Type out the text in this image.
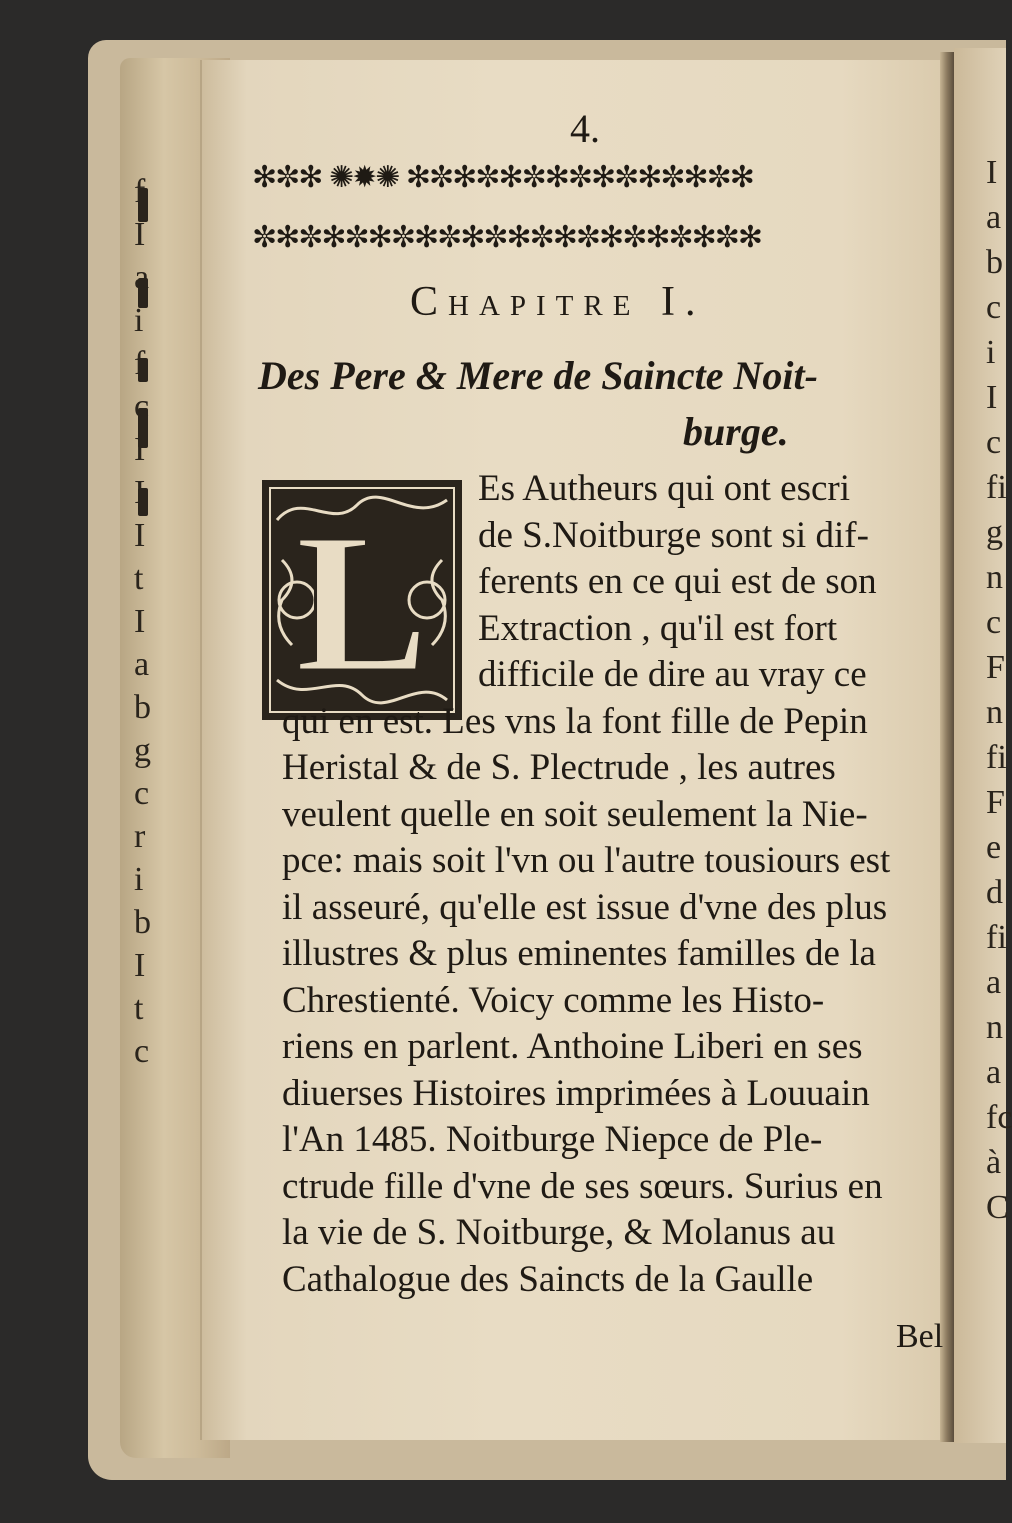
f
I
a
i
f
c
I
I
I
t
I
a
b
g
c
r
i
b
I
t
c
I
a
b
c
i
I
c
fi
g
n
c
F
n
fi
F
e
d
fi
a
n
a
fc
à
C
4.
✻✼✻ ✺✹✺ ✻✼✻✼✻✼✻✼✻✼✻✼✻✼✻
✼✻✼✻✼✻✼✻✼✻✼✻✼✻✼✻✼✻✼✻✼✻
Chapitre I.
Des Pere & Mere de Saincte Noit-
burge.
L
Es Autheurs qui ont escri
de S.Noitburge sont si dif-
ferents en ce qui est de son
Extraction , qu'il est fort
difficile de dire au vray ce
qui en est. Les vns la font fille de Pepin
Heristal & de S. Plectrude , les autres
veulent quelle en soit seulement la Nie-
pce: mais soit l'vn ou l'autre tousiours est
il asseuré, qu'elle est issue d'vne des plus
illustres & plus eminentes familles de la
Chrestienté. Voicy comme les Histo-
riens en parlent. Anthoine Liberi en ses
diuerses Histoires imprimées à Louuain
l'An 1485. Noitburge Niepce de Ple-
ctrude fille d'vne de ses sœurs. Surius en
la vie de S. Noitburge, & Molanus au
Cathalogue des Saincts de la Gaulle
Bel
